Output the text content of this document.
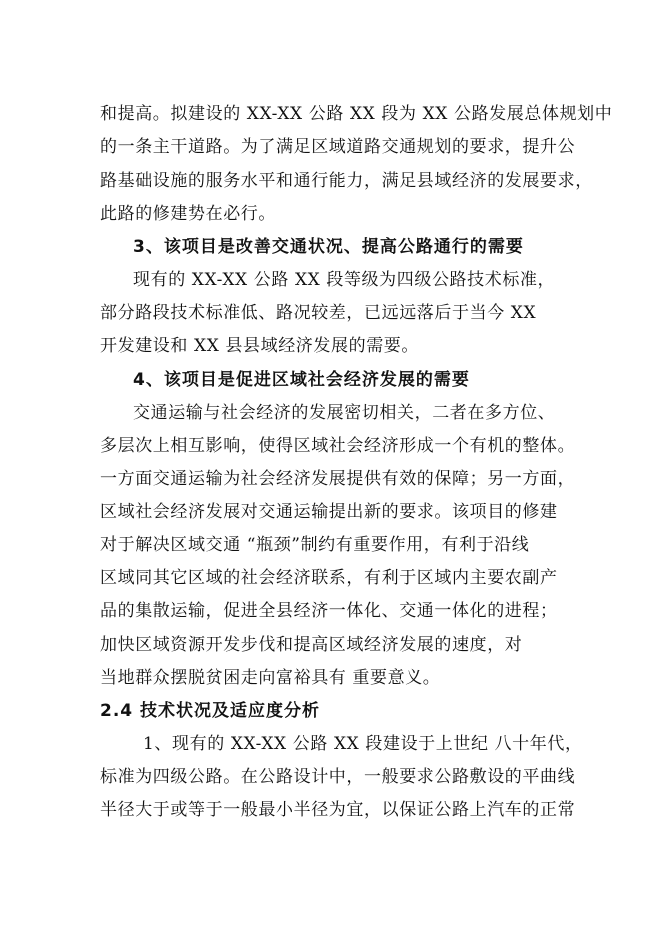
和提高。拟建设的 XX-XX 公路 XX 段为 XX 公路发展总体规划中
的一条主干道路。为了满足区域道路交通规划的要求，提升公
路基础设施的服务水平和通行能力，满足县域经济的发展要求，
此路的修建势在必行。
3、该项目是改善交通状况、提高公路通行的需要
现有的 XX-XX 公路 XX 段等级为四级公路技术标准，
部分路段技术标准低、路况较差，已远远落后于当今 XX
开发建设和 XX 县县域经济发展的需要。
4、该项目是促进区域社会经济发展的需要
交通运输与社会经济的发展密切相关，二者在多方位、
多层次上相互影响，使得区域社会经济形成一个有机的整体。
一方面交通运输为社会经济发展提供有效的保障；另一方面，
区域社会经济发展对交通运输提出新的要求。该项目的修建
对于解决区域交通 “瓶颈”制约有重要作用，有利于沿线
区域同其它区域的社会经济联系，有利于区域内主要农副产
品的集散运输，促进全县经济一体化、交通一体化的进程；
加快区域资源开发步伐和提高区域经济发展的速度，对
当地群众摆脱贫困走向富裕具有 重要意义。
2.4 技术状况及适应度分析
1、现有的 XX-XX 公路 XX 段建设于上世纪 八十年代，
标准为四级公路。在公路设计中，一般要求公路敷设的平曲线
半径大于或等于一般最小半径为宜，以保证公路上汽车的正常
